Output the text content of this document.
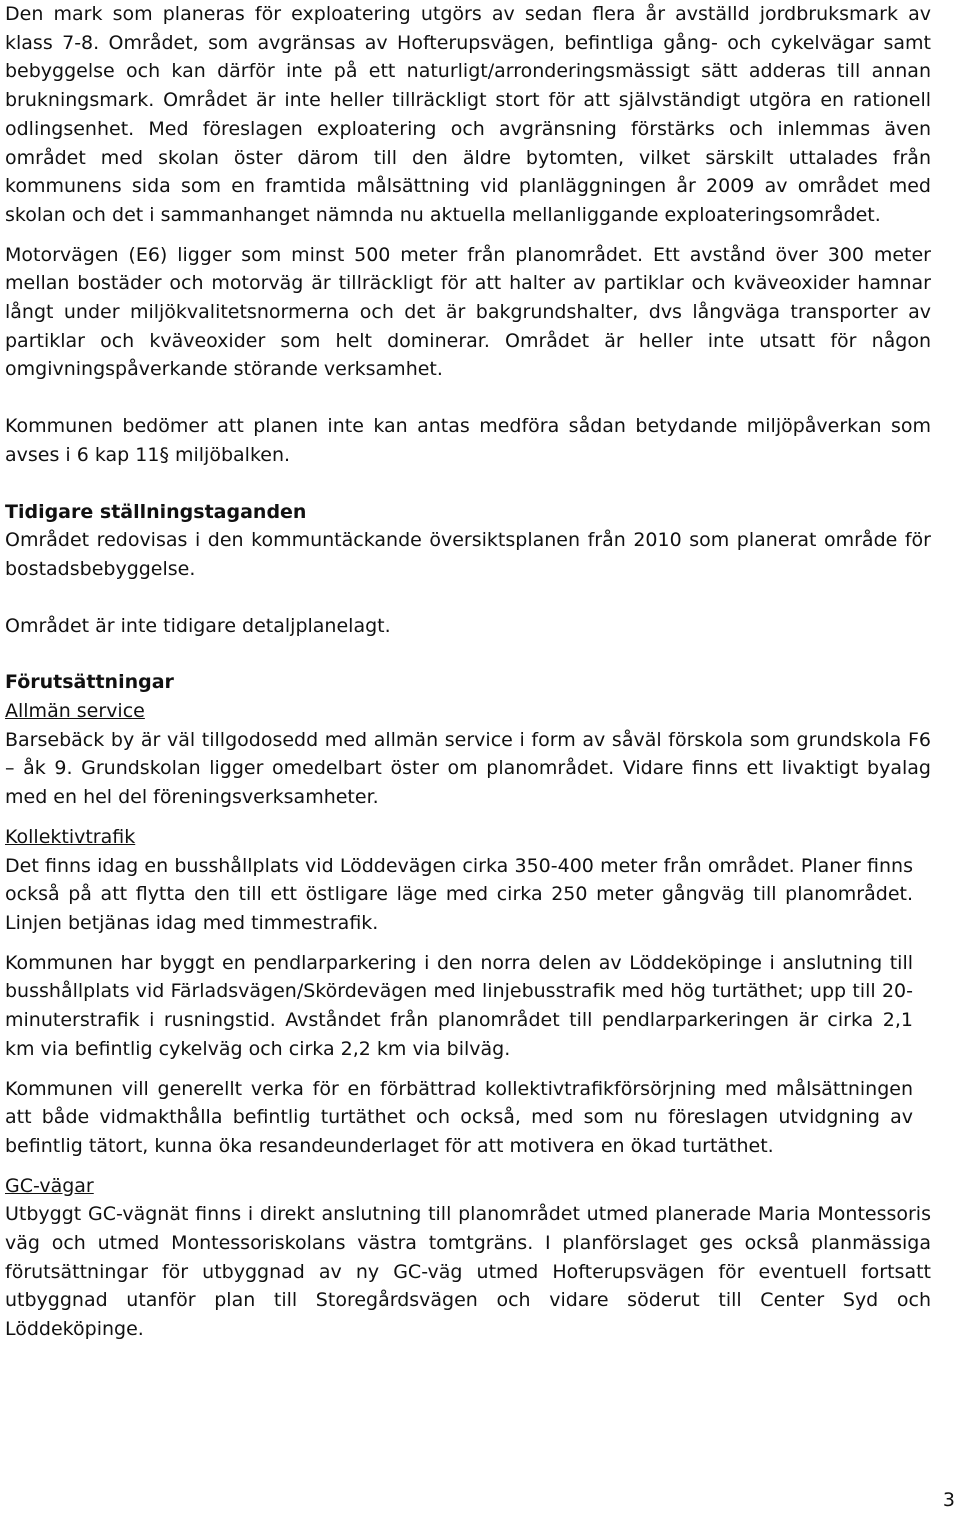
Den mark som planeras för exploatering utgörs av sedan flera år avställd jordbruksmark av klass 7-8. Området, som avgränsas av Hofterupsvägen, befintliga gång- och cykelvägar samt bebyggelse och kan därför inte på ett naturligt/arronderingsmässigt sätt adderas till annan brukningsmark. Området är inte heller tillräckligt stort för att självständigt utgöra en rationell odlingsenhet. Med föreslagen exploatering och avgränsning förstärks och inlemmas även området med skolan öster därom till den äldre bytomten, vilket särskilt uttalades från kommunens sida som en framtida målsättning vid planläggningen år 2009 av området med skolan och det i sammanhanget nämnda nu aktuella mellanliggande exploateringsområdet.

Motorvägen (E6) ligger som minst 500 meter från planområdet. Ett avstånd över 300 meter mellan bostäder och motorväg är tillräckligt för att halter av partiklar och kväveoxider hamnar långt under miljökvalitetsnormerna och det är bakgrundshalter, dvs långväga transporter av partiklar och kväveoxider som helt dominerar. Området är heller inte utsatt för någon omgivningspåverkande störande verksamhet.

Kommunen bedömer att planen inte kan antas medföra sådan betydande miljöpåverkan som avses i 6 kap 11§ miljöbalken.

Tidigare ställningstaganden

Området redovisas i den kommuntäckande översiktsplanen från 2010 som planerat område för bostadsbebyggelse.

Området är inte tidigare detaljplanelagt.

Förutsättningar

Allmän service

Barsebäck by är väl tillgodosedd med allmän service i form av såväl förskola som grundskola F6 – åk 9. Grundskolan ligger omedelbart öster om planområdet. Vidare finns ett livaktigt byalag med en hel del föreningsverksamheter.

Kollektivtrafik

Det finns idag en busshållplats vid Löddevägen cirka 350-400 meter från området. Planer finns också på att flytta den till ett östligare läge med cirka 250 meter gångväg till planområdet. Linjen betjänas idag med timmestrafik.

Kommunen har byggt en pendlarparkering i den norra delen av Löddeköpinge i anslutning till busshållplats vid Färladsvägen/Skördevägen med linjebusstrafik med hög turtäthet; upp till 20-minuterstrafik i rusningstid. Avståndet från planområdet till pendlarparkeringen är cirka 2,1 km via befintlig cykelväg och cirka 2,2 km via bilväg.

Kommunen vill generellt verka för en förbättrad kollektivtrafikförsörjning med målsättningen att både vidmakthålla befintlig turtäthet och också, med som nu föreslagen utvidgning av befintlig tätort, kunna öka resandeunderlaget för att motivera en ökad turtäthet.

GC-vägar

Utbyggt GC-vägnät finns i direkt anslutning till planområdet utmed planerade Maria Montessoris väg och utmed Montessoriskolans västra tomtgräns. I planförslaget ges också planmässiga förutsättningar för utbyggnad av ny GC-väg utmed Hofterupsvägen för eventuell fortsatt utbyggnad utanför plan till Storegårdsvägen och vidare söderut till Center Syd och Löddeköpinge.

3
